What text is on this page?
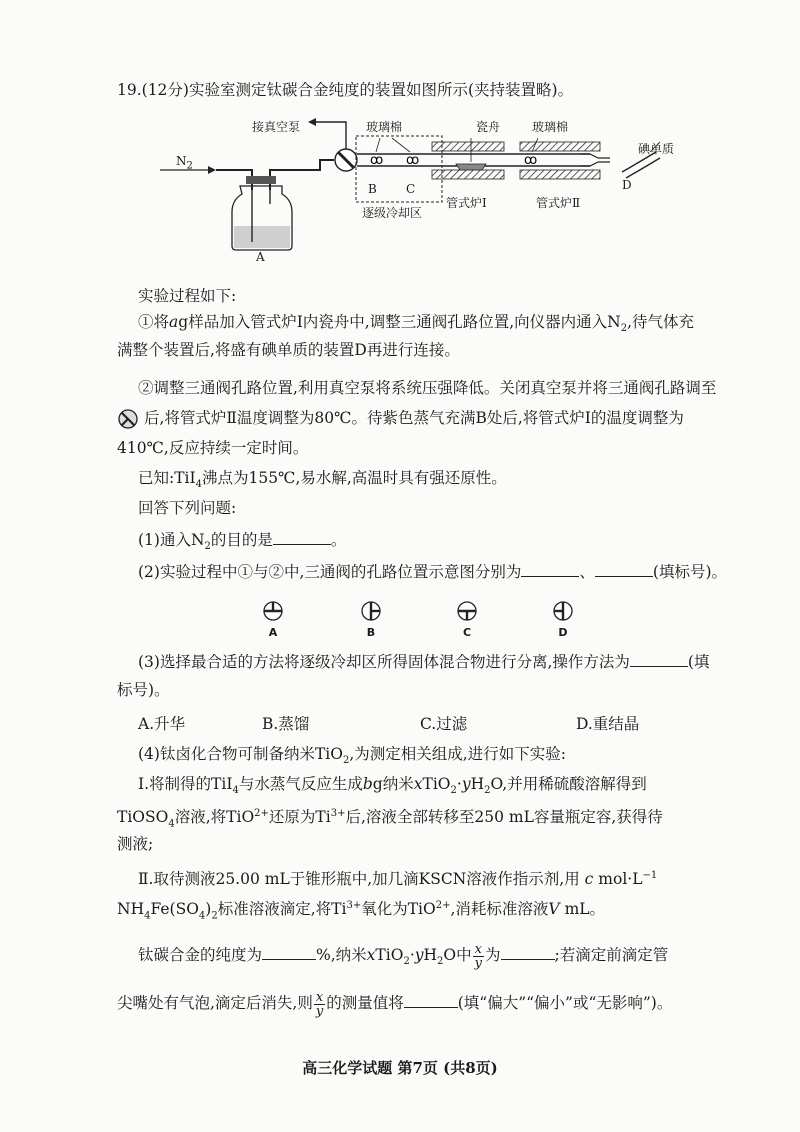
19.(12分)实验室测定钛碳合金纯度的装置如图所示(夹持装置略)。
ꝏ ꝏ	ꝏ
接真空泵	玻璃棉	瓷舟	玻璃棉
碘单质
$N_2$
B C	D
逐级冷却区
管式炉Ⅰ	管式炉Ⅱ
A
实验过程如下:
①将ag样品加入管式炉Ⅰ内瓷舟中,调整三通阀孔路位置,向仪器内通入$N_2$,待气体充
满整个装置后,将盛有碘单质的装置D再进行连接。
②调整三通阀孔路位置,利用真空泵将系统压强降低。关闭真空泵并将三通阀孔路调至
后,将管式炉Ⅱ温度调整为80℃。待紫色蒸气充满B处后,将管式炉Ⅰ的温度调整为
410℃,反应持续一定时间。
已知:TiI$_4$沸点为155℃,易水解,高温时具有强还原性。
回答下列问题:
(1)通入$N_2$的目的是	。
(2)实验过程中①与②中,三通阀的孔路位置示意图分别为	、	(填标号)。
A	B	C	D
(3)选择最合适的方法将逐级冷却区所得固体混合物进行分离,操作方法为	(填
标号)。
A.升华	B.蒸馏	C.过滤	D.重结晶
(4)钛卤化合物可制备纳米TiO$_2$,为测定相关组成,进行如下实验:
Ⅰ.将制得的TiI$_4$与水蒸气反应生成bg纳米$xTiO_2\cdot yH_2O$,并用稀硫酸溶解得到
TiOSO$_4$溶液,将TiO$^{2+}$还原为$Ti^{3+}$后,溶液全部转移至250 mL容量瓶定容,获得待
测液;
Ⅱ.取待测液25.00 mL于锥形瓶中,加几滴KSCN溶液作指示剂,用 c $mol\cdot L^{-1}$
$NH_4Fe(SO_4)_2$标准溶液滴定,将$Ti^{3+}$氧化为TiO$^{2+}$,消耗标准溶液V mL。
钛碳合金的纯度为	%,纳米$xTiO_2\cdot yH_2O$中 $\frac{x}{y}$ 为	;若滴定前滴定管
尖嘴处有气泡,滴定后消失,则 $\frac{x}{y}$ 的测量值将	(填“偏大”“偏小”或“无影响”)。
高三化学试题 第7页 (共8页)
